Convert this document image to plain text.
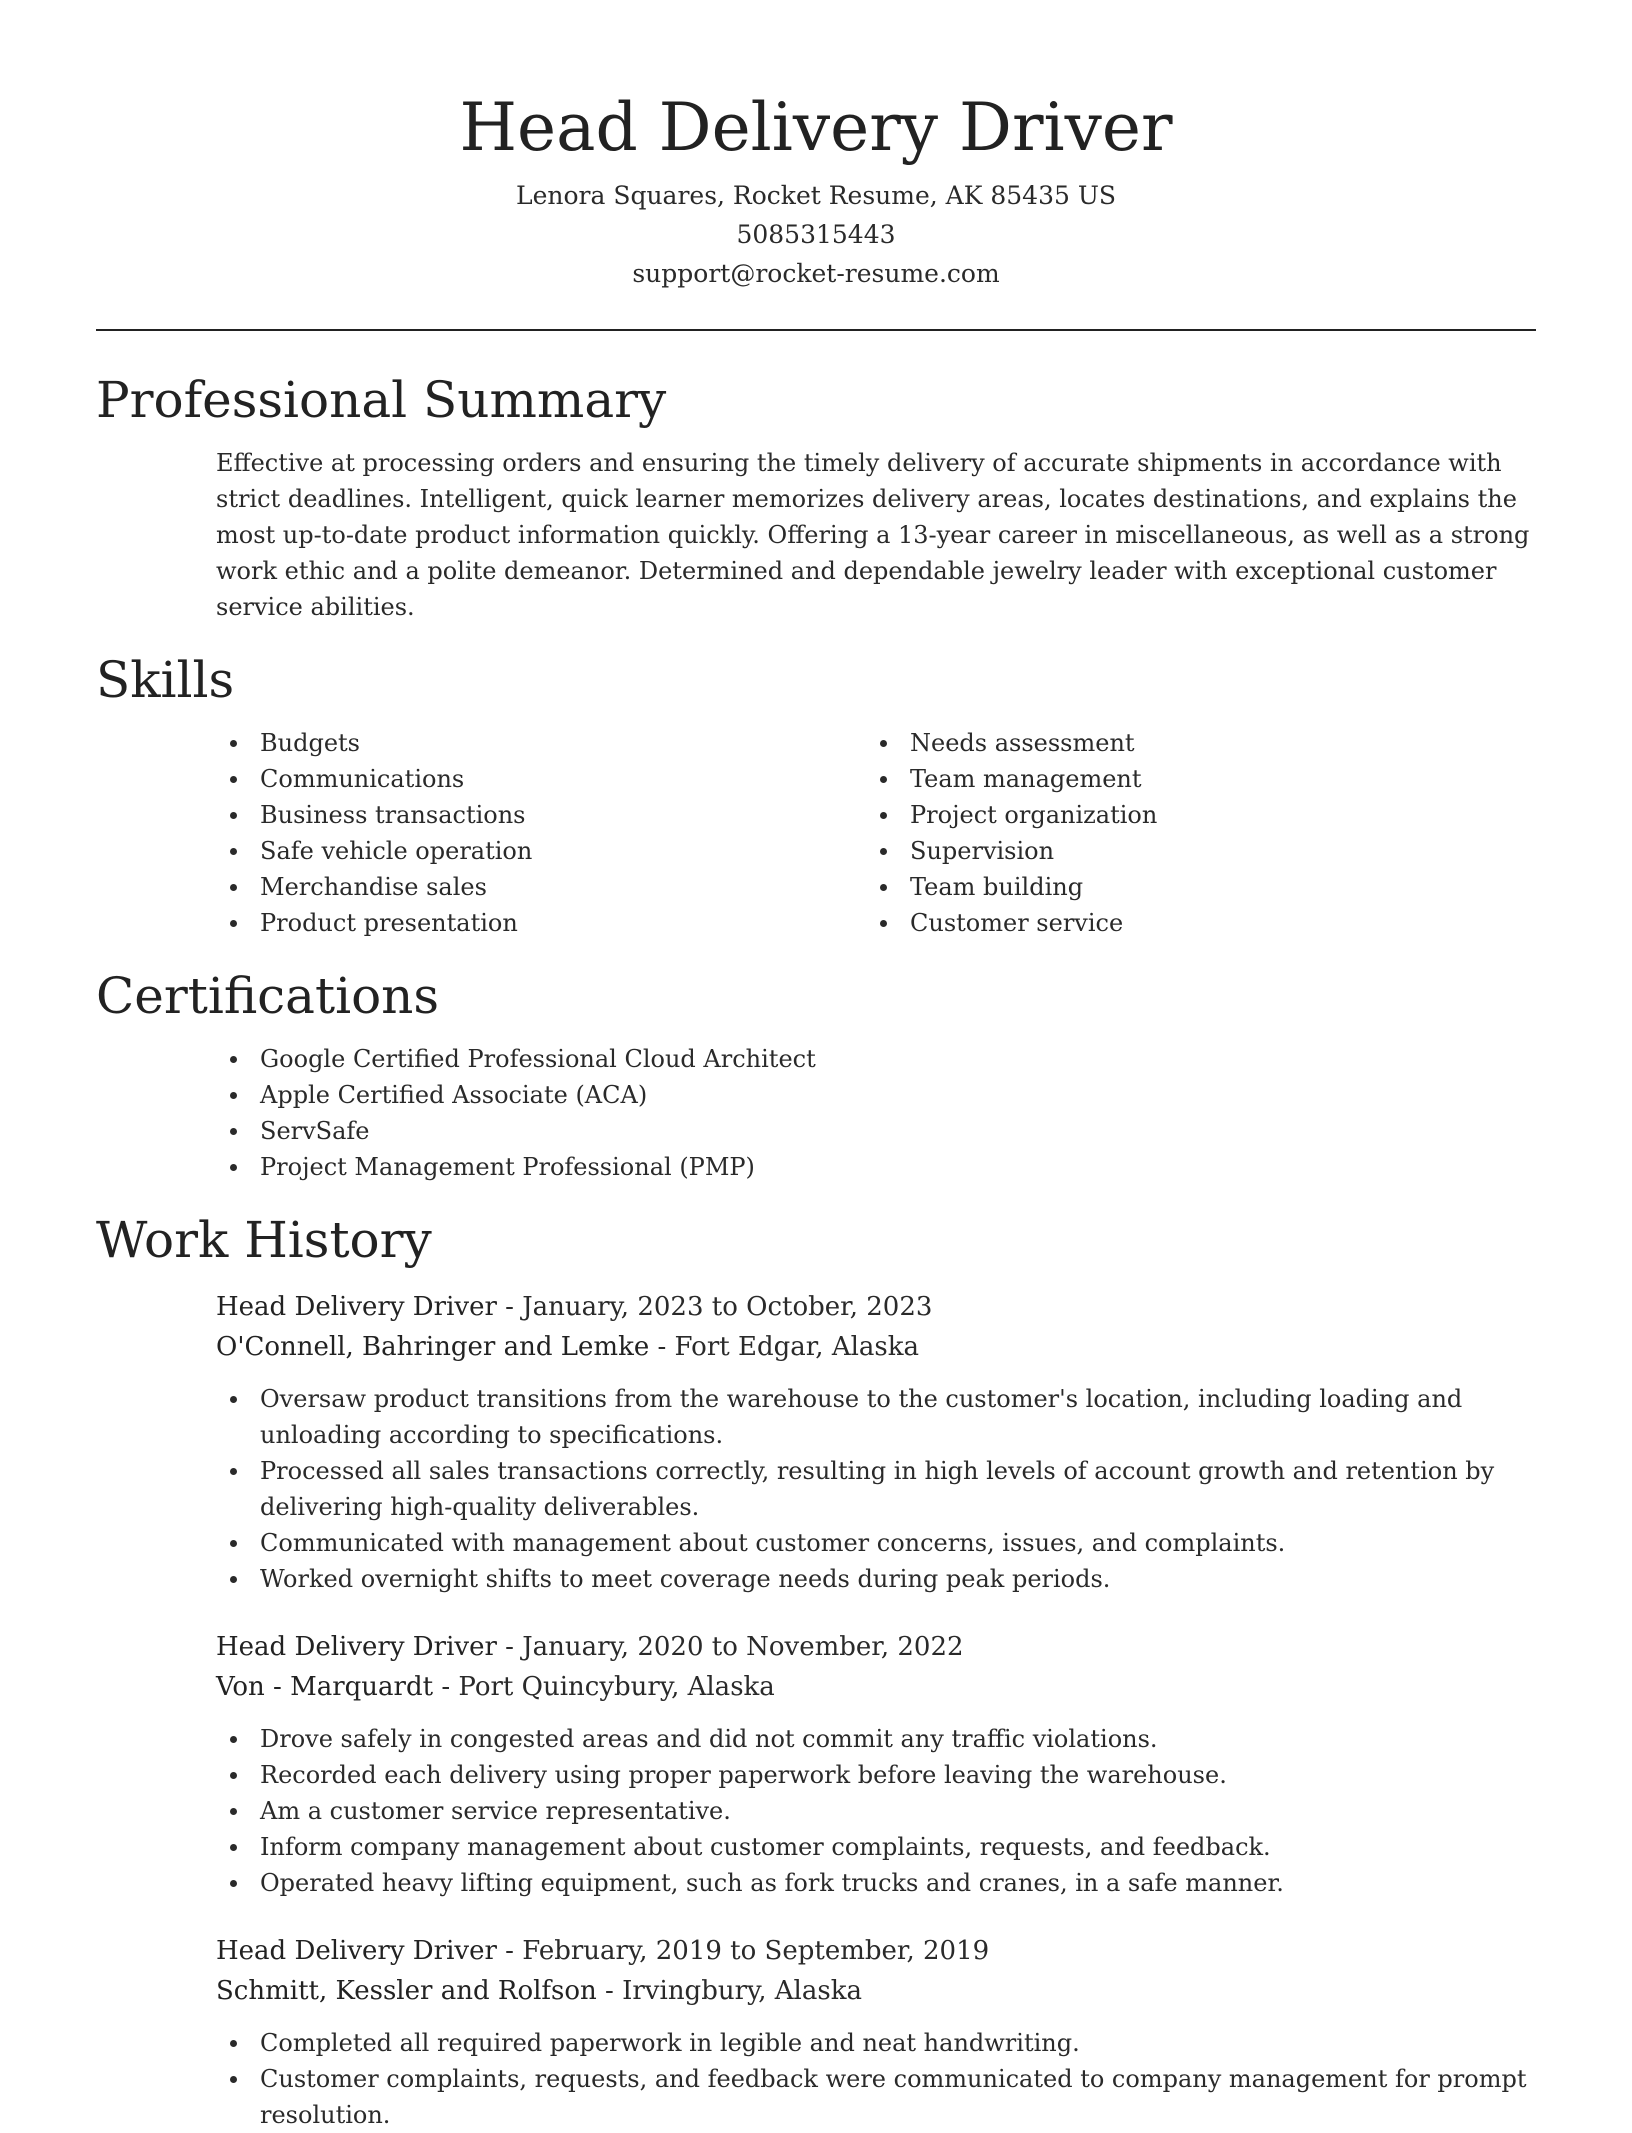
Head Delivery Driver
Lenora Squares, Rocket Resume, AK 85435 US
5085315443
support@rocket-resume.com
Professional Summary

Effective at processing orders and ensuring the timely delivery of accurate shipments in accordance with strict deadlines. Intelligent, quick learner memorizes delivery areas, locates destinations, and explains the most up-to-date product information quickly. Offering a 13-year career in miscellaneous, as well as a strong work ethic and a polite demeanor. Determined and dependable jewelry leader with exceptional customer service abilities.

Skills
Budgets
Communications
Business transactions
Safe vehicle operation
Merchandise sales
Product presentation
Needs assessment
Team management
Project organization
Supervision
Team building
Customer service
Certifications
Google Certified Professional Cloud Architect
Apple Certified Associate (ACA)
ServSafe
Project Management Professional (PMP)
Work History
Head Delivery Driver - January, 2023 to October, 2023
O'Connell, Bahringer and Lemke - Fort Edgar, Alaska
Oversaw product transitions from the warehouse to the customer's location, including loading and unloading according to specifications.
Processed all sales transactions correctly, resulting in high levels of account growth and retention by delivering high-quality deliverables.
Communicated with management about customer concerns, issues, and complaints.
Worked overnight shifts to meet coverage needs during peak periods.
Head Delivery Driver - January, 2020 to November, 2022
Von - Marquardt - Port Quincybury, Alaska
Drove safely in congested areas and did not commit any traffic violations.
Recorded each delivery using proper paperwork before leaving the warehouse.
Am a customer service representative.
Inform company management about customer complaints, requests, and feedback.
Operated heavy lifting equipment, such as fork trucks and cranes, in a safe manner.
Head Delivery Driver - February, 2019 to September, 2019
Schmitt, Kessler and Rolfson - Irvingbury, Alaska
Completed all required paperwork in legible and neat handwriting.
Customer complaints, requests, and feedback were communicated to company management for prompt resolution.
